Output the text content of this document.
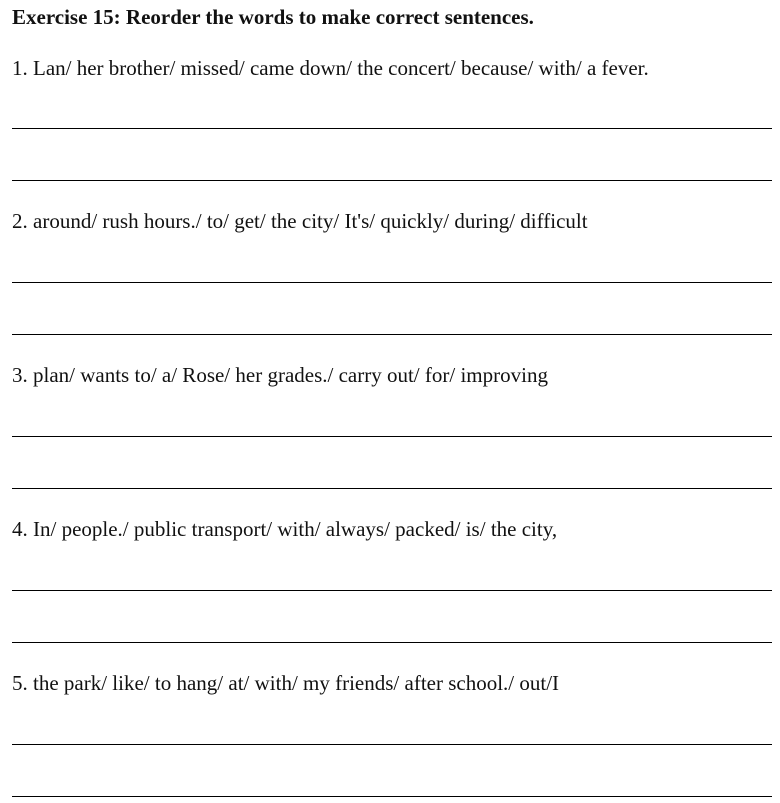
Exercise 15: Reorder the words to make correct sentences.
1. Lan/ her brother/ missed/ came down/ the concert/ because/ with/ a fever.
2. around/ rush hours./ to/ get/ the city/ It's/ quickly/ during/ difficult
3. plan/ wants to/ a/ Rose/ her grades./ carry out/ for/ improving
4. In/ people./ public transport/ with/ always/ packed/ is/ the city,
5. the park/ like/ to hang/ at/ with/ my friends/ after school./ out/I
